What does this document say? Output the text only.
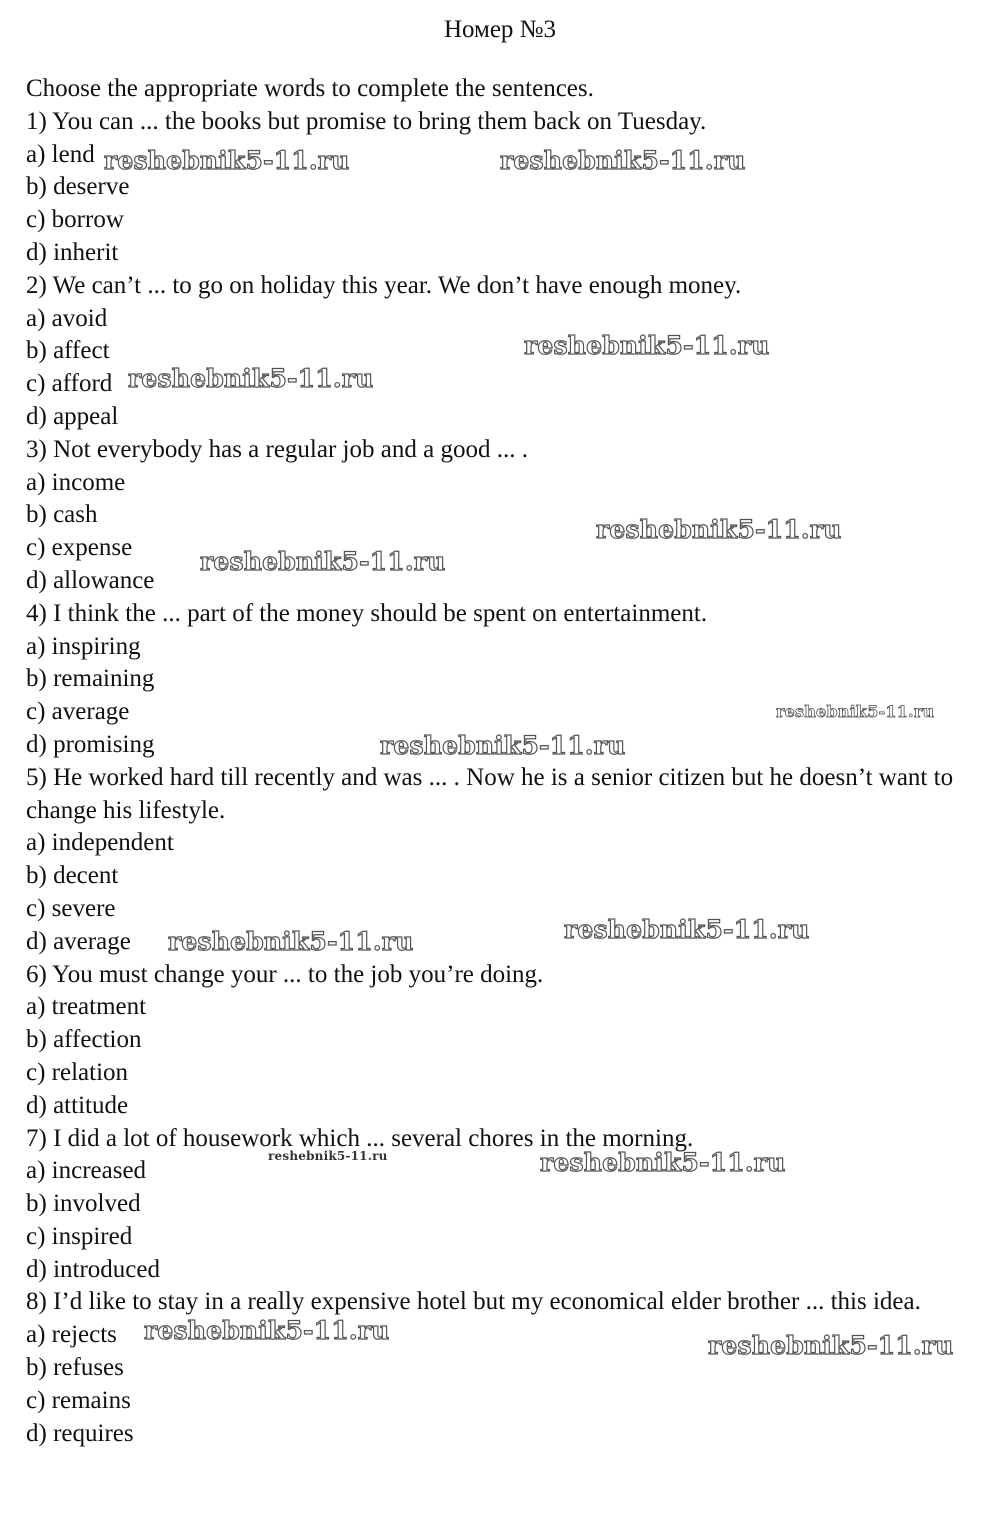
Номер №3
Choose the appropriate words to complete the sentences.
1) You can ... the books but promise to bring them back on Tuesday.
a) lend
b) deserve
c) borrow
d) inherit
2) We can’t ... to go on holiday this year. We don’t have enough money.
a) avoid
b) affect
c) afford
d) appeal
3) Not everybody has a regular job and a good ... .
a) income
b) cash
c) expense
d) allowance
4) I think the ... part of the money should be spent on entertainment.
a) inspiring
b) remaining
c) average
d) promising
5) He worked hard till recently and was ... . Now he is a senior citizen but he doesn’t want to change his lifestyle.
a) independent
b) decent
c) severe
d) average
6) You must change your ... to the job you’re doing.
a) treatment
b) affection
c) relation
d) attitude
7) I did a lot of housework which ... several chores in the morning.
a) increased
b) involved
c) inspired
d) introduced
8) I’d like to stay in a really expensive hotel but my economical elder brother ... this idea.
a) rejects
b) refuses
c) remains
d) requires
reshebnik5-11.ru	reshebnik5-11.ru
reshebnik5-11.ru
reshebnik5-11.ru
reshebnik5-11.ru
reshebnik5-11.ru
reshebnik5-11.ru
reshebnik5-11.ru
reshebnik5-11.ru
reshebnik5-11.ru
reshebnik5-11.ru	reshebnik5-11.ru
reshebnik5-11.ru
reshebnik5-11.ru
